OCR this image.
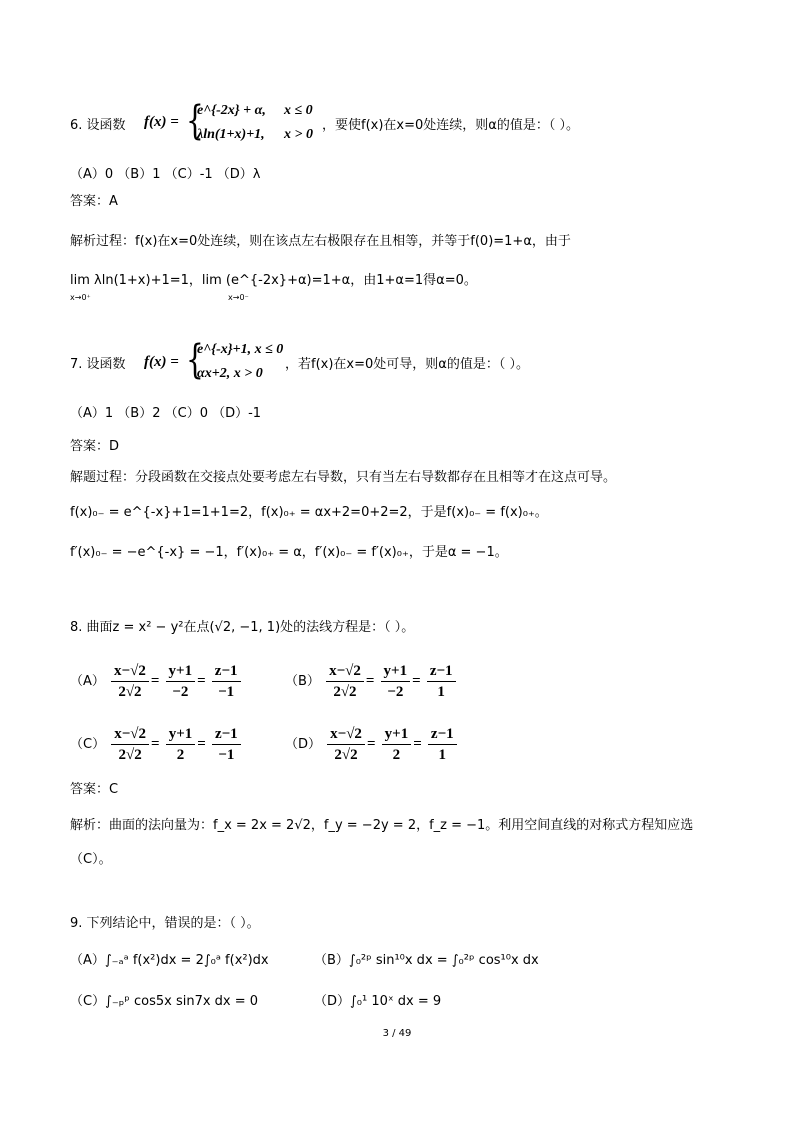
6. 设函数 f(x) = {
e^{-2x} + α, x ≤ 0
λln(1+x)+1, x > 0
，要使f(x)在x=0处连续，则α的值是：（ ）。
（A）0 （B）1 （C）-1 （D）λ
答案：A
解析过程：f(x)在x=0处连续，则在该点左右极限存在且相等，并等于f(0)=1+α，由于
lim λln(1+x)+1=1，lim (e^{-2x}+α)=1+α，由1+α=1得α=0。
x→0⁺	x→0⁻
7. 设函数 f(x) = {
e^{-x}+1, x ≤ 0
αx+2, x > 0
，若f(x)在x=0处可导，则α的值是：（ ）。
（A）1 （B）2 （C）0 （D）-1
答案：D
解题过程：分段函数在交接点处要考虑左右导数，只有当左右导数都存在且相等才在这点可导。
f(x)₀₋ = e^{-x}+1=1+1=2，f(x)₀₊ = αx+2=0+2=2，于是f(x)₀₋ = f(x)₀₊。
f′(x)₀₋ = −e^{-x} = −1，f′(x)₀₊ = α，f′(x)₀₋ = f′(x)₀₊，于是α = −1。
8. 曲面z = x² − y²在点(√2, −1, 1)处的法线方程是：（ ）。
$(A) \frac{x-√2}{2√2} = \frac{y+1}{-2} = \frac{z-1}{-1}$	$(B) \frac{x-√2}{2√2} = \frac{y+1}{-2} = \frac{z-1}{1}$
$(C) \frac{x-√2}{2√2} = \frac{y+1}{2} = \frac{z-1}{-1}$	$(D) \frac{x-√2}{2√2} = \frac{y+1}{2} = \frac{z-1}{1}$
答案：C
解析：曲面的法向量为：f_x = 2x = 2√2，f_y = −2y = 2，f_z = −1。利用空间直线的对称式方程知应选
（C）。
9. 下列结论中，错误的是：（ ）。
（A）∫₋ₐᵃ f(x²)dx = 2∫₀ᵃ f(x²)dx	（B）∫₀²ᵖ sin¹⁰x dx = ∫₀²ᵖ cos¹⁰x dx
（C）∫₋ₚᵖ cos5x sin7x dx = 0	（D）∫₀¹ 10ˣ dx = 9
3 / 49
